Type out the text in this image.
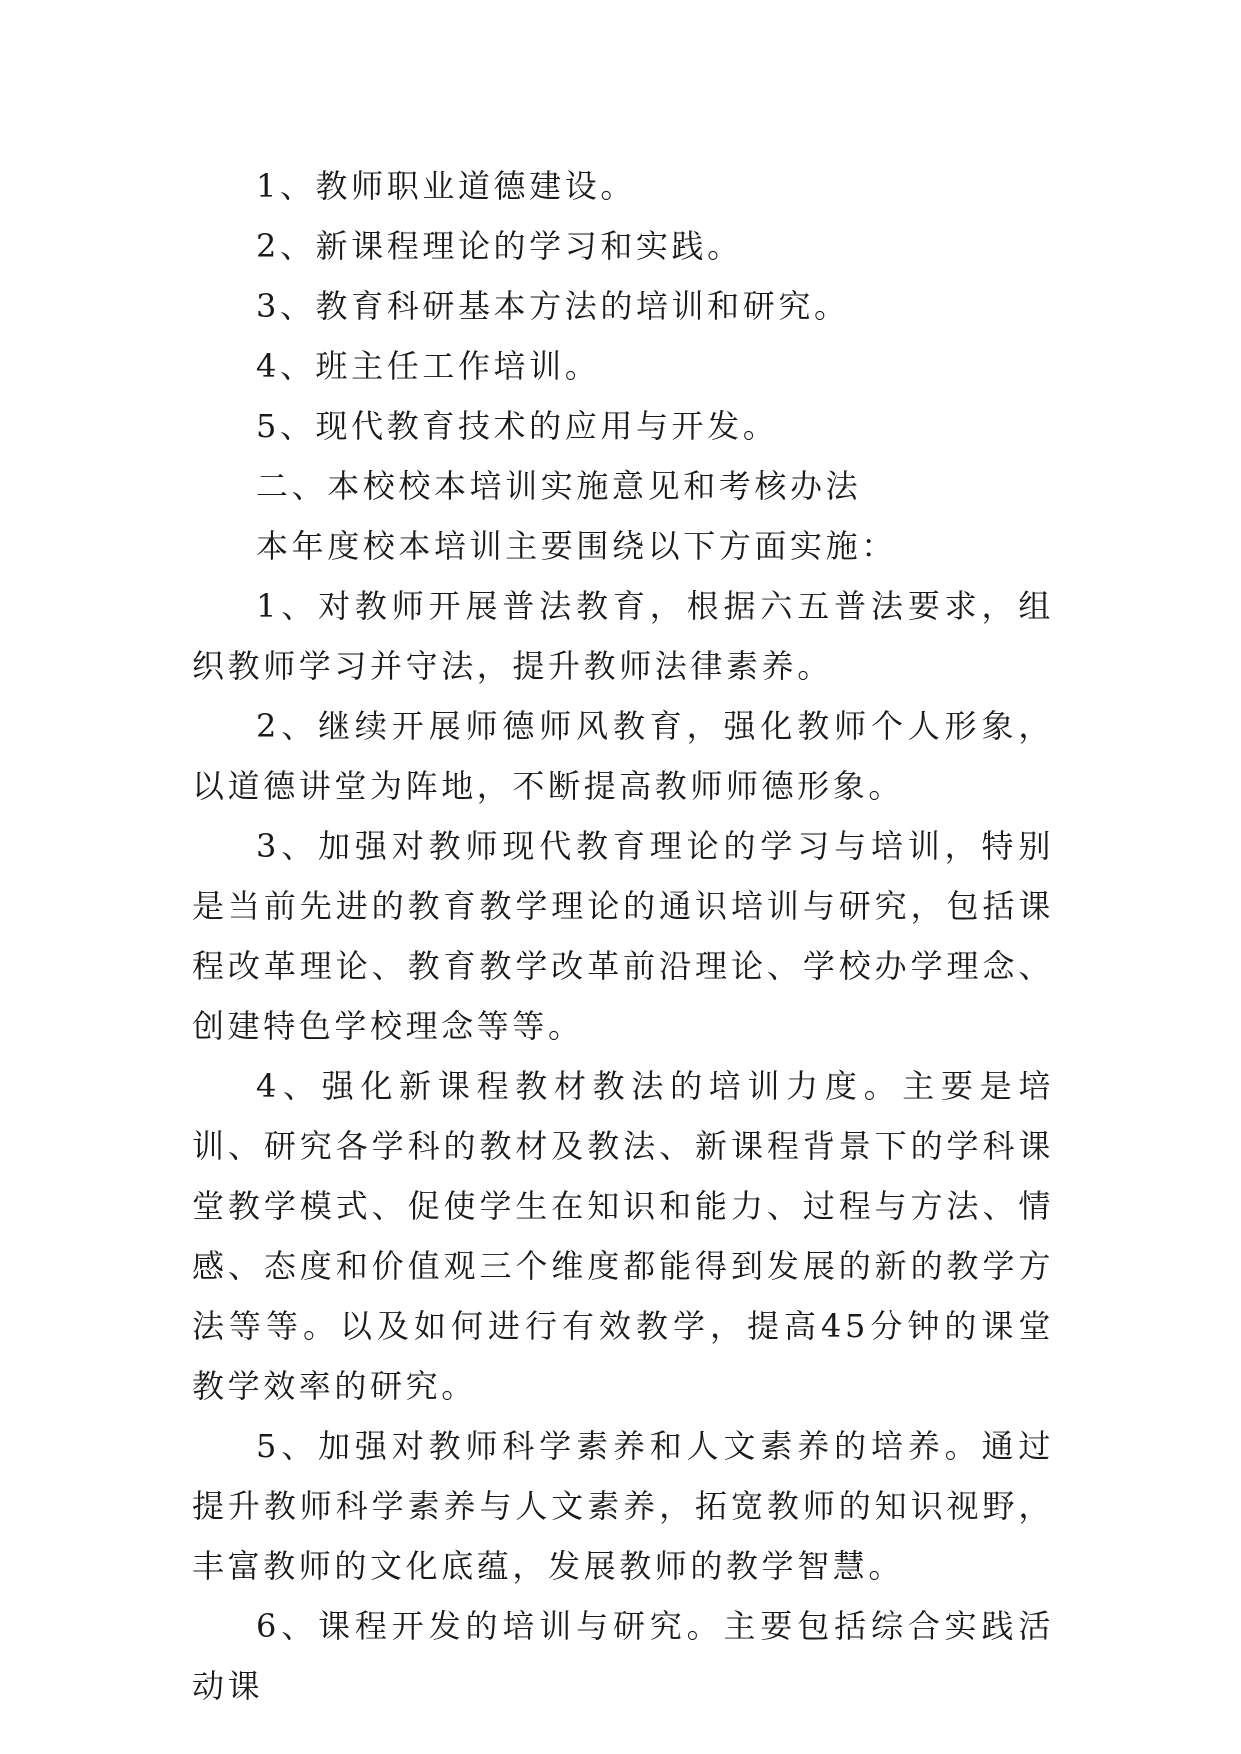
1、教师职业道德建设。

2、新课程理论的学习和实践。

3、教育科研基本方法的培训和研究。

4、班主任工作培训。

5、现代教育技术的应用与开发。

二、本校校本培训实施意见和考核办法

本年度校本培训主要围绕以下方面实施：

1、对教师开展普法教育，根据六五普法要求，组织教师学习并守法，提升教师法律素养。

2、继续开展师德师风教育，强化教师个人形象，以道德讲堂为阵地，不断提高教师师德形象。

3、加强对教师现代教育理论的学习与培训，特别是当前先进的教育教学理论的通识培训与研究，包括课程改革理论、教育教学改革前沿理论、学校办学理念、创建特色学校理念等等。

4、强化新课程教材教法的培训力度。主要是培训、研究各学科的教材及教法、新课程背景下的学科课堂教学模式、促使学生在知识和能力、过程与方法、情感、态度和价值观三个维度都能得到发展的新的教学方法等等。以及如何进行有效教学，提高45分钟的课堂教学效率的研究。

5、加强对教师科学素养和人文素养的培养。通过提升教师科学素养与人文素养，拓宽教师的知识视野，丰富教师的文化底蕴，发展教师的教学智慧。

6、课程开发的培训与研究。主要包括综合实践活动课
